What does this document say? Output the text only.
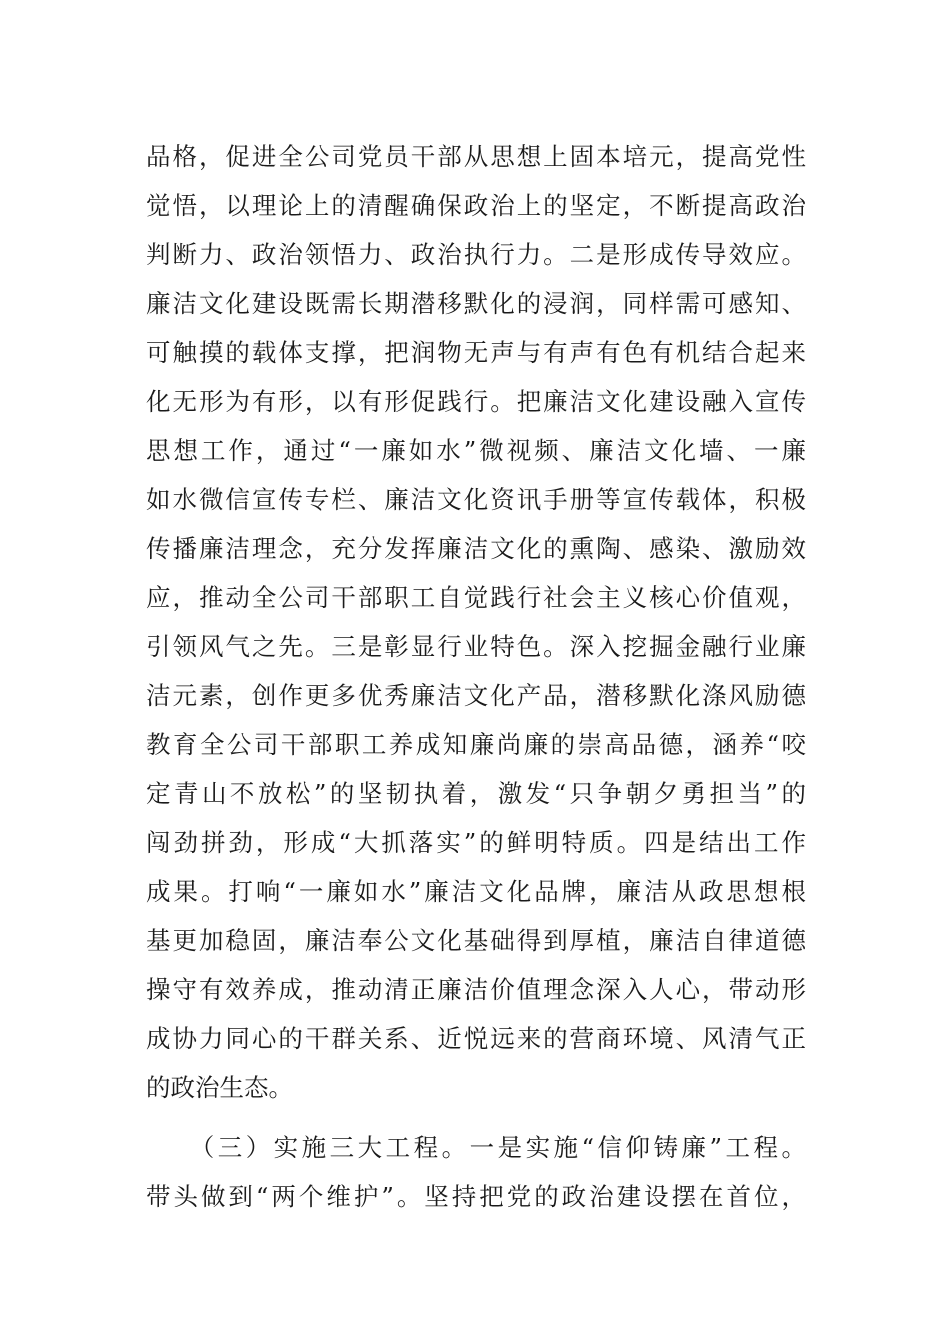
品格，促进全公司党员干部从思想上固本培元，提高党性
觉悟，以理论上的清醒确保政治上的坚定，不断提高政治
判断力、政治领悟力、政治执行力。二是形成传导效应。
廉洁文化建设既需长期潜移默化的浸润，同样需可感知、
可触摸的载体支撑，把润物无声与有声有色有机结合起来
化无形为有形，以有形促践行。把廉洁文化建设融入宣传
思想工作，通过“一廉如水”微视频、廉洁文化墙、一廉
如水微信宣传专栏、廉洁文化资讯手册等宣传载体，积极
传播廉洁理念，充分发挥廉洁文化的熏陶、感染、激励效
应，推动全公司干部职工自觉践行社会主义核心价值观，
引领风气之先。三是彰显行业特色。深入挖掘金融行业廉
洁元素，创作更多优秀廉洁文化产品，潜移默化涤风励德
教育全公司干部职工养成知廉尚廉的崇高品德，涵养“咬
定青山不放松”的坚韧执着，激发“只争朝夕勇担当”的
闯劲拼劲，形成“大抓落实”的鲜明特质。四是结出工作
成果。打响“一廉如水”廉洁文化品牌，廉洁从政思想根
基更加稳固，廉洁奉公文化基础得到厚植，廉洁自律道德
操守有效养成，推动清正廉洁价值理念深入人心，带动形
成协力同心的干群关系、近悦远来的营商环境、风清气正
的政治生态。
　　（三）实施三大工程。一是实施“信仰铸廉”工程。
带头做到“两个维护”。坚持把党的政治建设摆在首位，
